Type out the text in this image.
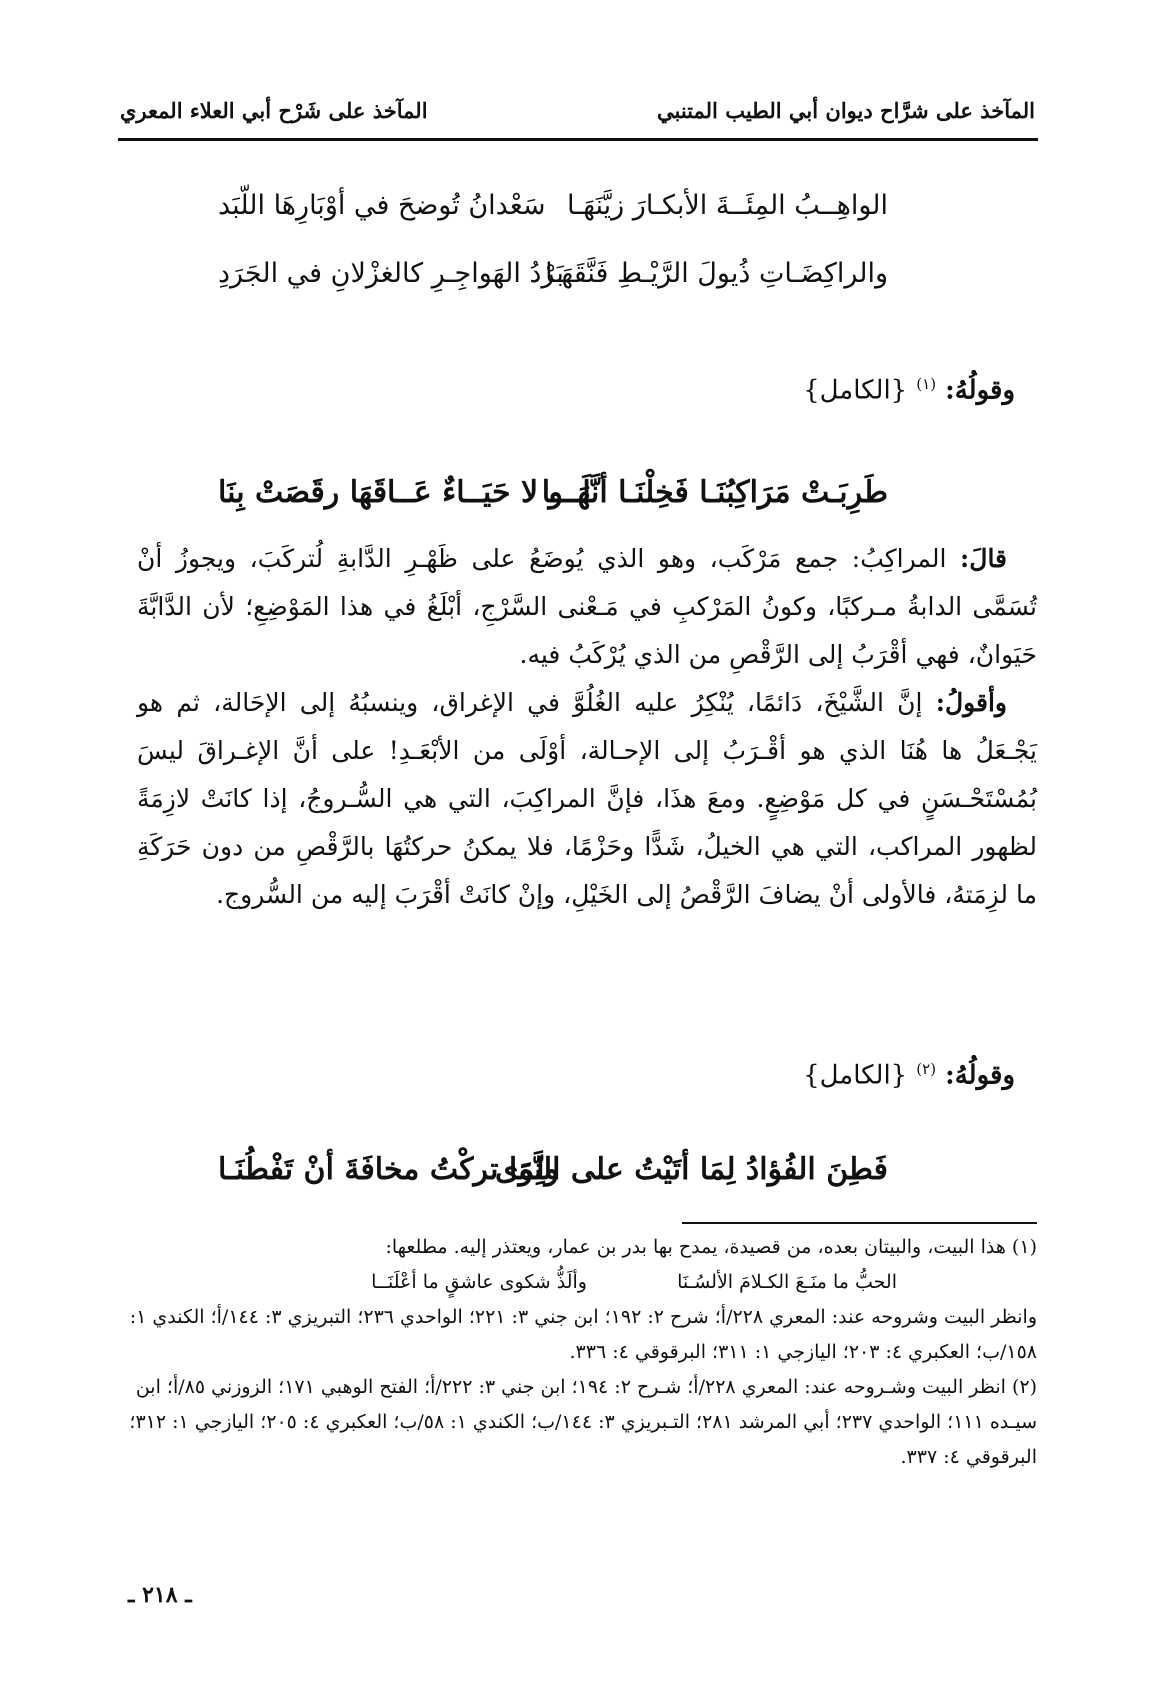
المآخذ على شرَّاح ديوان أبي الطيب المتنبي
المآخذ على شَرْح أبي العلاء المعري
الواهِــبُ المِئَــةَ الأبكـارَ زيَّنَهَـا
سَعْدانُ تُوضحَ في أوْبَارِهَا اللّبَد
والراكِضَـاتِ ذُيولَ الرَّيْـطِ فَنَّقَهَـا
بَرْدُ الهَواجِـرِ كالغزْلانِ في الجَرَدِ
وقولُهُ: $^{(١)}$ {الكامل}
طَرِبَـتْ مَرَاكِبُنَـا فَخِلْنَـا أنَّهَـــا
لَــو لا حَيَــاءٌ عَــاقَهَا رقَصَتْ بِنَا

قالَ: المراكِبُ: جمع مَرْكَب، وهو الذي يُوضَعُ على ظَهْـرِ الدَّابةِ لُتركَبَ، ويجوزُ أنْ تُسَمَّى الدابةُ مـركبًا، وكونُ المَرْكبِ في مَـعْنى السَّرْجِ، أبْلَغُ في هذا المَوْضِعِ؛ لأن الدَّابَّةَ حَيَوانٌ، فهي أقْرَبُ إلى الرَّقْصِ من الذي يُرْكَبُ فيه.

وأقولُ: إنَّ الشَّيْخَ، دَائمًا، يُنْكِرُ عليه الغُلُوَّ في الإغراق، وينسبُهُ إلى الإحَالة، ثم هو يَجْـعَلُ ها هُنَا الذي هو أقْـرَبُ إلى الإحـالة، أوْلَى من الأبْعَـدِ! على أنَّ الإغـراقَ ليسَ بُمُسْتَحْـسَنٍ في كل مَوْضِعٍ. ومعَ هذَا، فإنَّ المراكِبَ، التي هي السُّـروجُ، إذا كانَتْ لازِمَةً لظهور المراكب، التي هي الخيلُ، شَدًّا وحَزْمًا، فلا يمكنُ حركتُهَا بالرَّقْصِ من دون حَرَكَةِ ما لزِمَتهُ، فالأولى أنْ يضافَ الرَّقْصُ إلى الخَيْلِ، وإنْ كانَتْ أقْرَبَ إليه من السُّروج.

وقولُهُ: $^{(٢)}$ {الكامل}
فَطِنَ الفُؤادُ لِمَا أتَيْتُ على النَّوَى
ولِمَا تركْتُ مخافَةَ أنْ تَفْطُنَـا

(١) هذا البيت، والبيتان بعده، من قصيدة، يمدح بها بدر بن عمار، ويعتذر إليه. مطلعها:

الحبُّ ما منَـعَ الكـلامَ الألسُـنَا
وألَذُّ شكوى عاشقٍ ما أعْلَنَــا

وانظر البيت وشروحه عند: المعري ٢٢٨/أ؛ شرح ٢: ١٩٢؛ ابن جني ٣: ٢٢١؛ الواحدي ٢٣٦؛ التبريزي ٣: ١٤٤/أ؛ الكندي ١: ١٥٨/ب؛ العكبري ٤: ٢٠٣؛ اليازجي ١: ٣١١؛ البرقوقي ٤: ٣٣٦.

(٢) انظر البيت وشـروحه عند: المعري ٢٢٨/أ؛ شـرح ٢: ١٩٤؛ ابن جني ٣: ٢٢٢/أ؛ الفتح الوهبي ١٧١؛ الزوزني ٨٥/أ؛ ابن سيـده ١١١؛ الواحدي ٢٣٧؛ أبي المرشد ٢٨١؛ التـبريزي ٣: ١٤٤/ب؛ الكندي ١: ٥٨/ب؛ العكبري ٤: ٢٠٥؛ اليازجي ١: ٣١٢؛ البرقوقي ٤: ٣٣٧.

ـ ٢١٨ ـ
